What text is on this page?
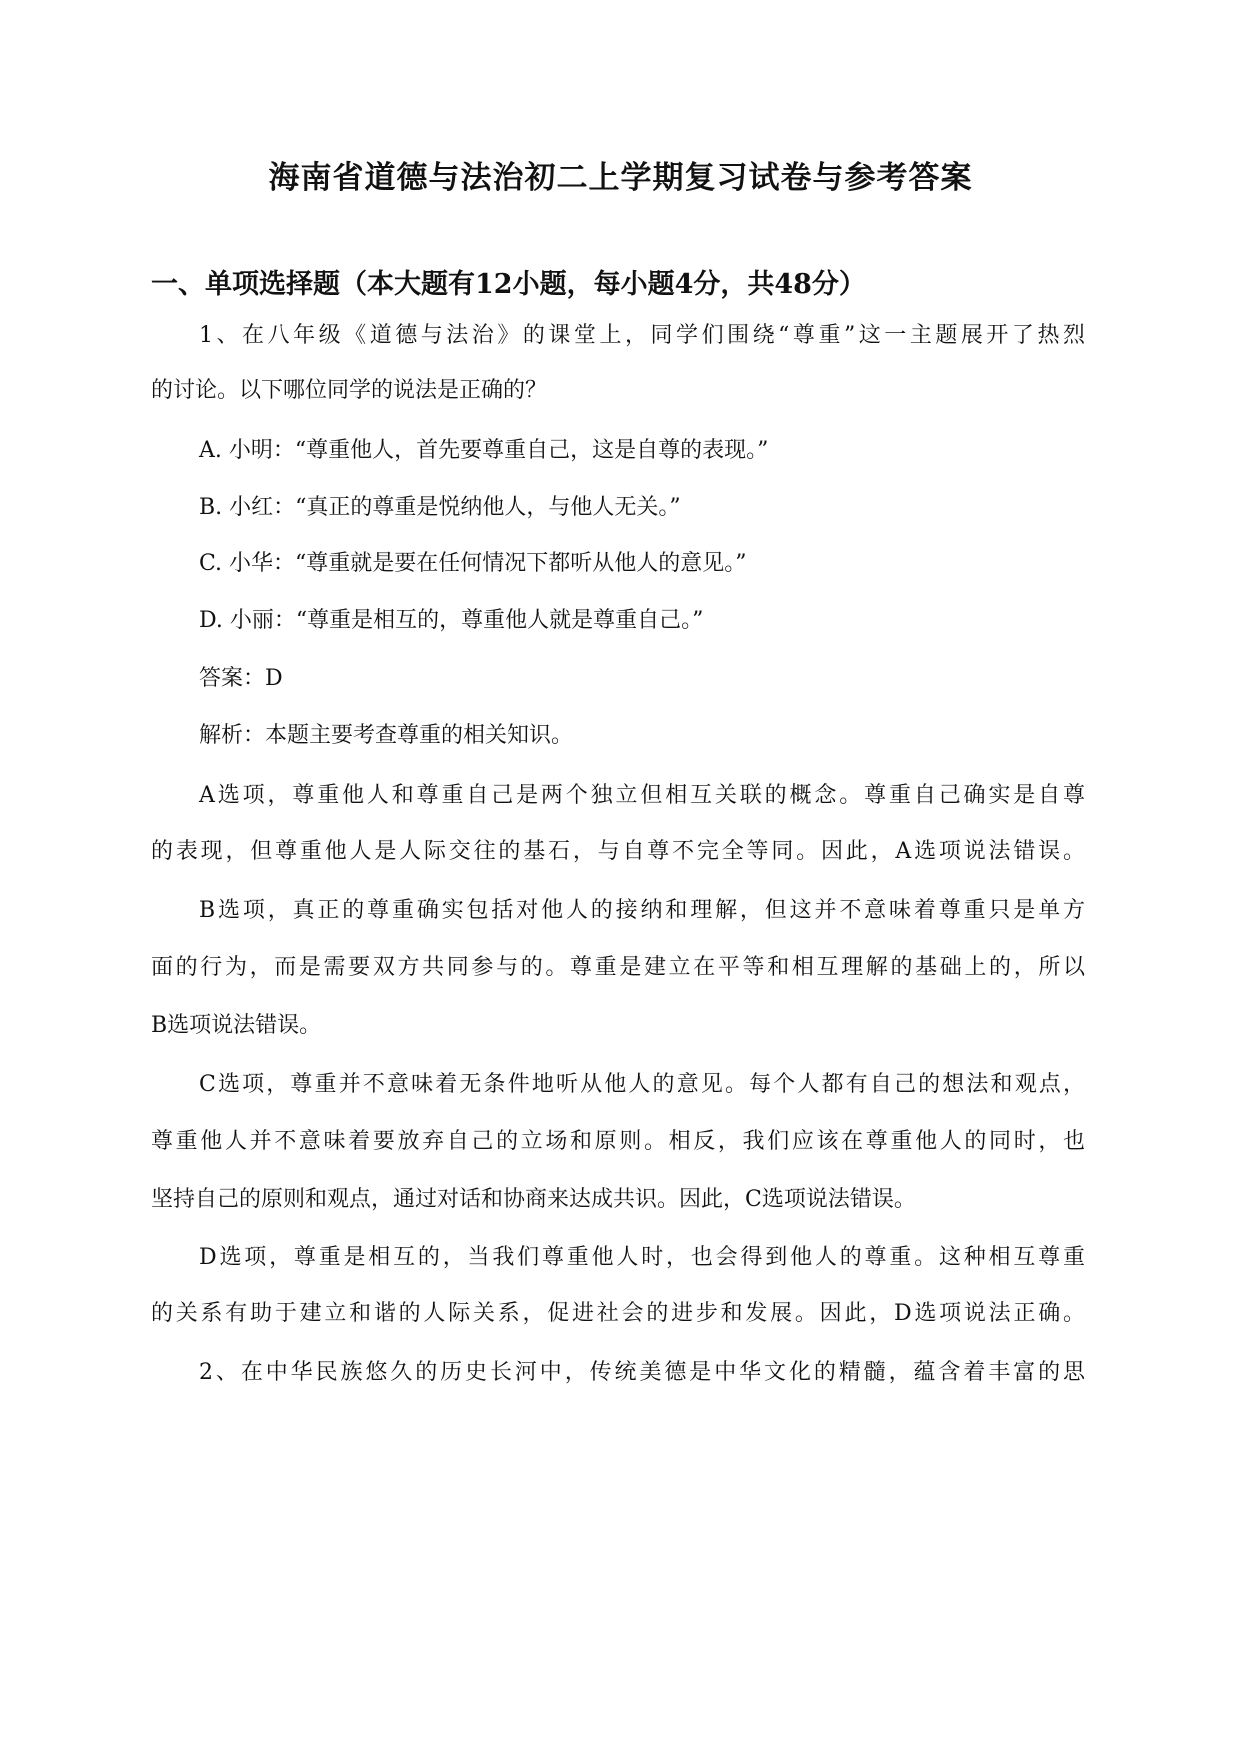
海南省道德与法治初二上学期复习试卷与参考答案
一、单项选择题（本大题有12小题，每小题4分，共48分）
1、在八年级《道德与法治》的课堂上，同学们围绕“尊重”这一主题展开了热烈
的讨论。以下哪位同学的说法是正确的？
A. 小明：“尊重他人，首先要尊重自己，这是自尊的表现。”
B. 小红：“真正的尊重是悦纳他人，与他人无关。”
C. 小华：“尊重就是要在任何情况下都听从他人的意见。”
D. 小丽：“尊重是相互的，尊重他人就是尊重自己。”
答案：D
解析：本题主要考查尊重的相关知识。
A选项，尊重他人和尊重自己是两个独立但相互关联的概念。尊重自己确实是自尊
的表现，但尊重他人是人际交往的基石，与自尊不完全等同。因此，A选项说法错误。
B选项，真正的尊重确实包括对他人的接纳和理解，但这并不意味着尊重只是单方
面的行为，而是需要双方共同参与的。尊重是建立在平等和相互理解的基础上的，所以
B选项说法错误。
C选项，尊重并不意味着无条件地听从他人的意见。每个人都有自己的想法和观点，
尊重他人并不意味着要放弃自己的立场和原则。相反，我们应该在尊重他人的同时，也
坚持自己的原则和观点，通过对话和协商来达成共识。因此，C选项说法错误。
D选项，尊重是相互的，当我们尊重他人时，也会得到他人的尊重。这种相互尊重
的关系有助于建立和谐的人际关系，促进社会的进步和发展。因此，D选项说法正确。
2、在中华民族悠久的历史长河中，传统美德是中华文化的精髓，蕴含着丰富的思
